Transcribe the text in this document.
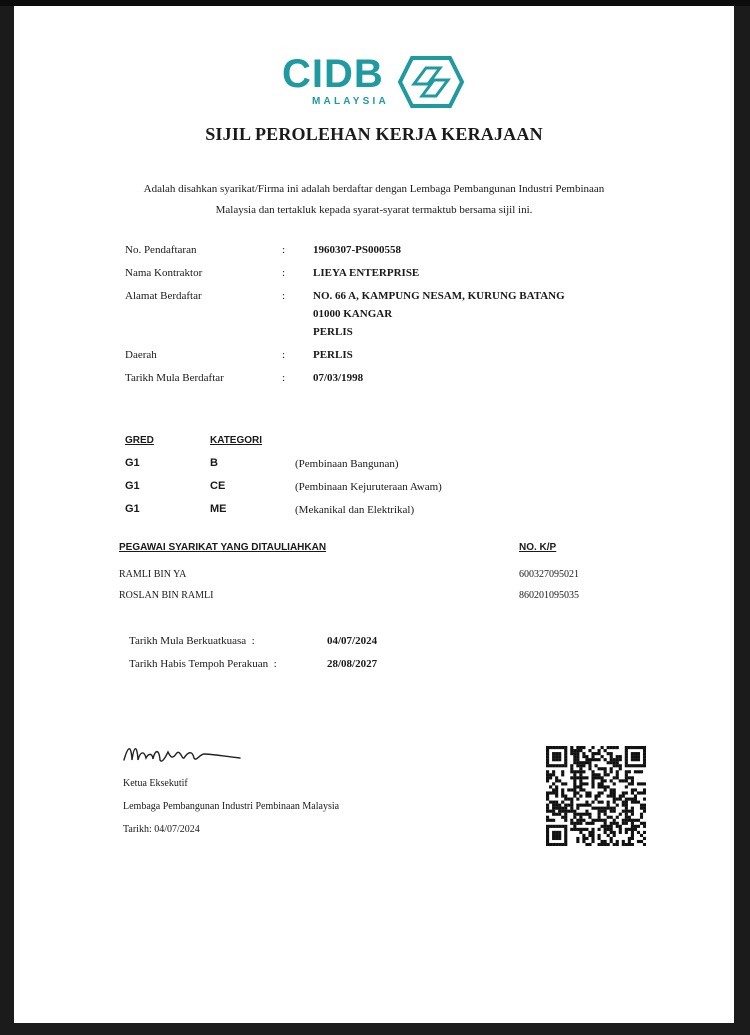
CIDB
MALAYSIA
SIJIL PEROLEHAN KERJA KERAJAAN
Adalah disahkan syarikat/Firma ini adalah berdaftar dengan Lembaga Pembangunan Industri Pembinaan
Malaysia dan tertakluk kepada syarat-syarat termaktub bersama sijil ini.
No. Pendaftaran	:	1960307-PS000558
Nama Kontraktor	:	LIEYA ENTERPRISE
Alamat Berdaftar	:	NO. 66 A, KAMPUNG NESAM, KURUNG BATANG
01000 KANGAR
PERLIS
Daerah	:	PERLIS
Tarikh Mula Berdaftar	:	07/03/1998
GRED	KATEGORI
G1	B	(Pembinaan Bangunan)
G1	CE	(Pembinaan Kejuruteraan Awam)
G1	ME	(Mekanikal dan Elektrikal)
PEGAWAI SYARIKAT YANG DITAULIAHKAN	NO. K/P
RAMLI BIN YA	600327095021
ROSLAN BIN RAMLI	860201095035
Tarikh Mula Berkuatkuasa :	04/07/2024
Tarikh Habis Tempoh Perakuan :	28/08/2027
Ketua Eksekutif
Lembaga Pembangunan Industri Pembinaan Malaysia
Tarikh: 04/07/2024
